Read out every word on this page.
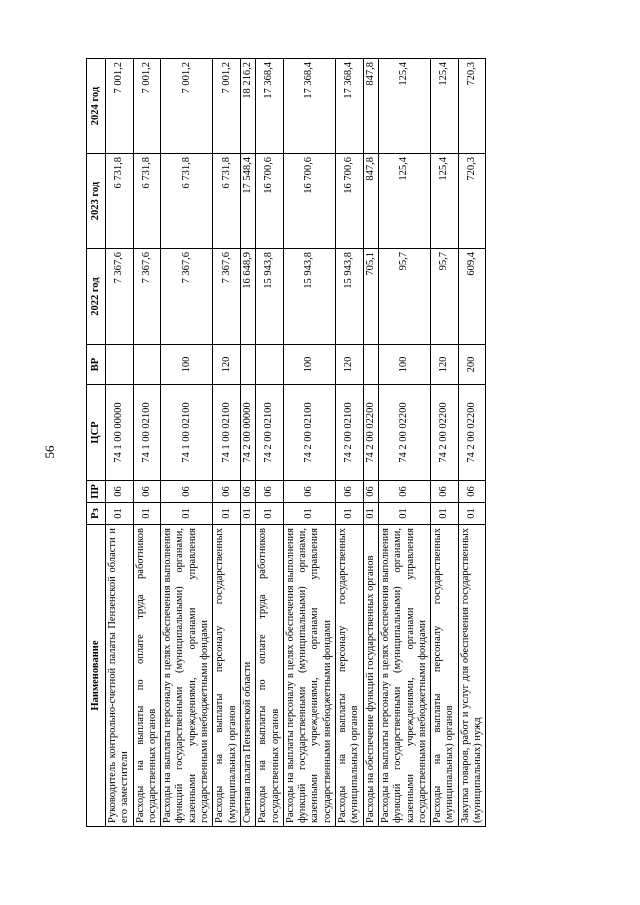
56
Наименование	Рз	ПР	ЦСР	ВР	2022 год	2023 год	2024 год
Руководитель контрольно-счетной палаты Пензенской области и его заместители	01	06	74 1 00 00000		7 367,6	6 731,8	7 001,2
Расходы на выплаты по оплате труда работников государственных органов	01	06	74 1 00 02100		7 367,6	6 731,8	7 001,2
Расходы на выплаты персоналу в целях обеспечения выполнения функций государственными (муниципальными) органами, казенными учреждениями, органами управления государственными внебюджетными фондами	01	06	74 1 00 02100	100	7 367,6	6 731,8	7 001,2
Расходы на выплаты персоналу государственных (муниципальных) органов	01	06	74 1 00 02100	120	7 367,6	6 731,8	7 001,2
Счетная палата Пензенской области	01	06	74 2 00 00000		16 648,9	17 548,4	18 216,2
Расходы на выплаты по оплате труда работников государственных органов	01	06	74 2 00 02100		15 943,8	16 700,6	17 368,4
Расходы на выплаты персоналу в целях обеспечения выполнения функций государственными (муниципальными) органами, казенными учреждениями, органами управления государственными внебюджетными фондами	01	06	74 2 00 02100	100	15 943,8	16 700,6	17 368,4
Расходы на выплаты персоналу государственных (муниципальных) органов	01	06	74 2 00 02100	120	15 943,8	16 700,6	17 368,4
Расходы на обеспечение функций государственных органов	01	06	74 2 00 02200		705,1	847,8	847,8
Расходы на выплаты персоналу в целях обеспечения выполнения функций государственными (муниципальными) органами, казенными учреждениями, органами управления государственными внебюджетными фондами	01	06	74 2 00 02200	100	95,7	125,4	125,4
Расходы на выплаты персоналу государственных (муниципальных) органов	01	06	74 2 00 02200	120	95,7	125,4	125,4
Закупка товаров, работ и услуг для обеспечения государственных (муниципальных) нужд	01	06	74 2 00 02200	200	609,4	720,3	720,3
